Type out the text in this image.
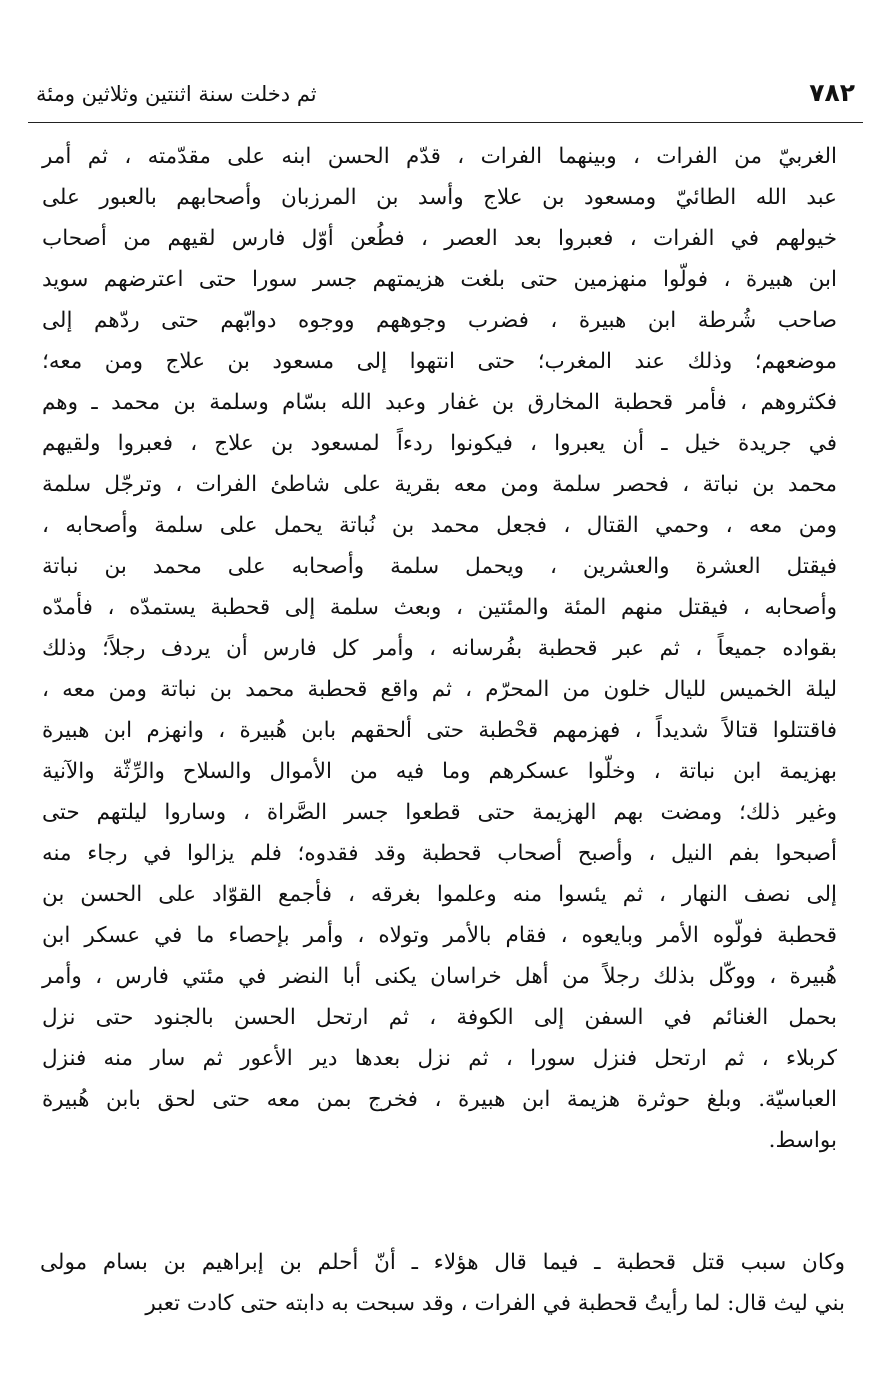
٧٨٢
ثم دخلت سنة اثنتين وثلاثين ومئة
الغربيّ من الفرات ، وبينهما الفرات ، قدّم الحسن ابنه على مقدّمته ، ثم أمر
عبد الله الطائيّ ومسعود بن علاج وأسد بن المرزبان وأصحابهم بالعبور على
خيولهم في الفرات ، فعبروا بعد العصر ، فطُعن أوّل فارس لقيهم من أصحاب
ابن هبيرة ، فولّوا منهزمين حتى بلغت هزيمتهم جسر سورا حتى اعترضهم سويد
صاحب شُرطة ابن هبيرة ، فضرب وجوههم ووجوه دوابّهم حتى ردّهم إلى
موضعهم؛ وذلك عند المغرب؛ حتى انتهوا إلى مسعود بن علاج ومن معه؛
فكثروهم ، فأمر قحطبة المخارق بن غفار وعبد الله بسّام وسلمة بن محمد ـ وهم
في جريدة خيل ـ أن يعبروا ، فيكونوا ردءاً لمسعود بن علاج ، فعبروا ولقيهم
محمد بن نباتة ، فحصر سلمة ومن معه بقرية على شاطئ الفرات ، وترجّل سلمة
ومن معه ، وحمي القتال ، فجعل محمد بن نُباتة يحمل على سلمة وأصحابه ،
فيقتل العشرة والعشرين ، ويحمل سلمة وأصحابه على محمد بن نباتة
وأصحابه ، فيقتل منهم المئة والمئتين ، وبعث سلمة إلى قحطبة يستمدّه ، فأمدّه
بقواده جميعاً ، ثم عبر قحطبة بفُرسانه ، وأمر كل فارس أن يردف رجلاً؛ وذلك
ليلة الخميس لليال خلون من المحرّم ، ثم واقع قحطبة محمد بن نباتة ومن معه ،
فاقتتلوا قتالاً شديداً ، فهزمهم قحْطبة حتى ألحقهم بابن هُبيرة ، وانهزم ابن هبيرة
بهزيمة ابن نباتة ، وخلّوا عسكرهم وما فيه من الأموال والسلاح والرِّثّة والآنية
وغير ذلك؛ ومضت بهم الهزيمة حتى قطعوا جسر الصَّراة ، وساروا ليلتهم حتى
أصبحوا بفم النيل ، وأصبح أصحاب قحطبة وقد فقدوه؛ فلم يزالوا في رجاء منه
إلى نصف النهار ، ثم يئسوا منه وعلموا بغرقه ، فأجمع القوّاد على الحسن بن
قحطبة فولّوه الأمر وبايعوه ، فقام بالأمر وتولاه ، وأمر بإحصاء ما في عسكر ابن
هُبيرة ، ووكّل بذلك رجلاً من أهل خراسان يكنى أبا النضر في مئتي فارس ، وأمر
بحمل الغنائم في السفن إلى الكوفة ، ثم ارتحل الحسن بالجنود حتى نزل
كربلاء ، ثم ارتحل فنزل سورا ، ثم نزل بعدها دير الأعور ثم سار منه فنزل
العباسيّة. وبلغ حوثرة هزيمة ابن هبيرة ، فخرج بمن معه حتى لحق بابن هُبيرة
بواسط.
وكان سبب قتل قحطبة ـ فيما قال هؤلاء ـ أنّ أحلم بن إبراهيم بن بسام مولى
بني ليث قال: لما رأيتُ قحطبة في الفرات ، وقد سبحت به دابته حتى كادت تعبر
